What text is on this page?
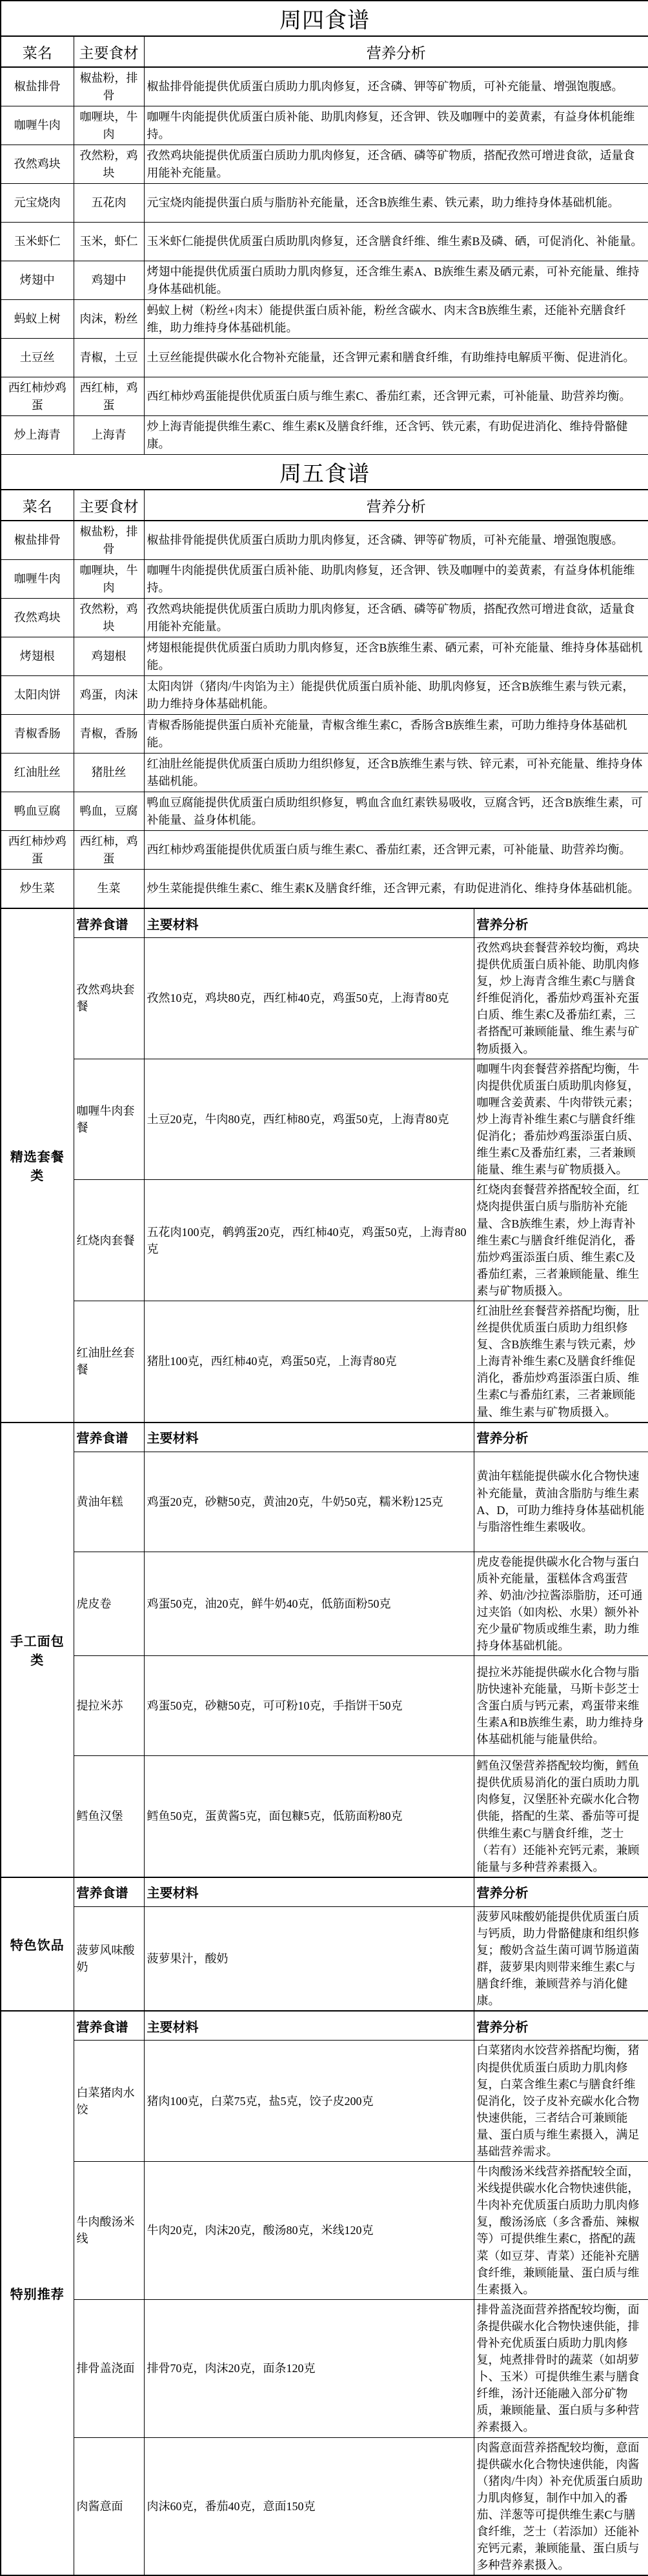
周四食谱		
菜名	主要食材	营养分析
椒盐排骨	椒盐粉，排骨	椒盐排骨能提供优质蛋白质助力肌肉修复，还含磷、钾等矿物质，可补充能量、增强饱腹感。
咖喱牛肉	咖喱块，牛肉	咖喱牛肉能提供优质蛋白质补能、助肌肉修复，还含钾、铁及咖喱中的姜黄素，有益身体机能维持。
孜然鸡块	孜然粉，鸡块	孜然鸡块能提供优质蛋白质助力肌肉修复，还含硒、磷等矿物质，搭配孜然可增进食欲，适量食用能补充能量。
元宝烧肉	五花肉	元宝烧肉能提供蛋白质与脂肪补充能量，还含B族维生素、铁元素，助力维持身体基础机能。
玉米虾仁	玉米，虾仁	玉米虾仁能提供优质蛋白质助肌肉修复，还含膳食纤维、维生素B及磷、硒，可促消化、补能量。
烤翅中	鸡翅中	烤翅中能提供优质蛋白质助力肌肉修复，还含维生素A、B族维生素及硒元素，可补充能量、维持身体基础机能。
蚂蚁上树	肉沫，粉丝	蚂蚁上树（粉丝+肉末）能提供蛋白质补能，粉丝含碳水、肉末含B族维生素，还能补充膳食纤维，助力维持身体基础机能。
土豆丝	青椒，土豆	土豆丝能提供碳水化合物补充能量，还含钾元素和膳食纤维，有助维持电解质平衡、促进消化。
西红柿炒鸡蛋	西红柿，鸡蛋	西红柿炒鸡蛋能提供优质蛋白质与维生素C、番茄红素，还含钾元素，可补能量、助营养均衡。
炒上海青	上海青	炒上海青能提供维生素C、维生素K及膳食纤维，还含钙、铁元素，有助促进消化、维持骨骼健康。
周五食谱		
菜名	主要食材	营养分析
椒盐排骨	椒盐粉，排骨	椒盐排骨能提供优质蛋白质助力肌肉修复，还含磷、钾等矿物质，可补充能量、增强饱腹感。
咖喱牛肉	咖喱块，牛肉	咖喱牛肉能提供优质蛋白质补能、助肌肉修复，还含钾、铁及咖喱中的姜黄素，有益身体机能维持。
孜然鸡块	孜然粉，鸡块	孜然鸡块能提供优质蛋白质助力肌肉修复，还含硒、磷等矿物质，搭配孜然可增进食欲，适量食用能补充能量。
烤翅根	鸡翅根	烤翅根能提供优质蛋白质助力肌肉修复，还含B族维生素、硒元素，可补充能量、维持身体基础机能。
太阳肉饼	鸡蛋，肉沫	太阳肉饼（猪肉/牛肉馅为主）能提供优质蛋白质补能、助肌肉修复，还含B族维生素与铁元素，助力维持身体基础机能。
青椒香肠	青椒，香肠	青椒香肠能提供蛋白质补充能量，青椒含维生素C，香肠含B族维生素，可助力维持身体基础机能。
红油肚丝	猪肚丝	红油肚丝能提供优质蛋白质助力组织修复，还含B族维生素与铁、锌元素，可补充能量、维持身体基础机能。
鸭血豆腐	鸭血，豆腐	鸭血豆腐能提供优质蛋白质助组织修复，鸭血含血红素铁易吸收，豆腐含钙，还含B族维生素，可补能量、益身体机能。
西红柿炒鸡蛋	西红柿，鸡蛋	西红柿炒鸡蛋能提供优质蛋白质与维生素C、番茄红素，还含钾元素，可补能量、助营养均衡。
炒生菜	生菜	炒生菜能提供维生素C、维生素K及膳食纤维，还含钾元素，有助促进消化、维持身体基础机能。
精选套餐类	营养食谱	主要材料	营养分析
	孜然鸡块套餐	孜然10克，鸡块80克，西红柿40克，鸡蛋50克，上海青80克	孜然鸡块套餐营养较均衡，鸡块提供优质蛋白质补能、助肌肉修复，炒上海青含维生素C与膳食纤维促消化，番茄炒鸡蛋补充蛋白质、维生素C及番茄红素，三者搭配可兼顾能量、维生素与矿物质摄入。
	咖喱牛肉套餐	土豆20克，牛肉80克，西红柿80克，鸡蛋50克，上海青80克	咖喱牛肉套餐营养搭配均衡，牛肉提供优质蛋白质助肌肉修复，咖喱含姜黄素、牛肉带铁元素；炒上海青补维生素C与膳食纤维促消化；番茄炒鸡蛋添蛋白质、维生素C及番茄红素，三者兼顾能量、维生素与矿物质摄入。
	红烧肉套餐	五花肉100克，鹌鹑蛋20克，西红柿40克，鸡蛋50克，上海青80克	红烧肉套餐营养搭配较全面，红烧肉提供蛋白质与脂肪补充能量、含B族维生素，炒上海青补维生素C与膳食纤维促消化，番茄炒鸡蛋添蛋白质、维生素C及番茄红素，三者兼顾能量、维生素与矿物质摄入。
	红油肚丝套餐	猪肚100克，西红柿40克，鸡蛋50克，上海青80克	红油肚丝套餐营养搭配均衡，肚丝提供优质蛋白质助力组织修复、含B族维生素与铁元素，炒上海青补维生素C及膳食纤维促消化，番茄炒鸡蛋添蛋白质、维生素C与番茄红素，三者兼顾能量、维生素与矿物质摄入。
手工面包类	营养食谱	主要材料	营养分析
	黄油年糕	鸡蛋20克，砂糖50克，黄油20克，牛奶50克，糯米粉125克	黄油年糕能提供碳水化合物快速补充能量，黄油含脂肪与维生素A、D，可助力维持身体基础机能与脂溶性维生素吸收。
	虎皮卷	鸡蛋50克，油20克，鲜牛奶40克，低筋面粉50克	虎皮卷能提供碳水化合物与蛋白质补充能量，蛋糕体含鸡蛋营养、奶油/沙拉酱添脂肪，还可通过夹馅（如肉松、水果）额外补充少量矿物质或维生素，助力维持身体基础机能。
	提拉米苏	鸡蛋50克，砂糖50克，可可粉10克，手指饼干50克	提拉米苏能提供碳水化合物与脂肪快速补充能量，马斯卡彭芝士含蛋白质与钙元素，鸡蛋带来维生素A和B族维生素，助力维持身体基础机能与能量供给。
	鳕鱼汉堡	鳕鱼50克，蛋黄酱5克，面包糠5克，低筋面粉80克	鳕鱼汉堡营养搭配较均衡，鳕鱼提供优质易消化的蛋白质助力肌肉修复，汉堡胚补充碳水化合物供能，搭配的生菜、番茄等可提供维生素C与膳食纤维，芝士（若有）还能补充钙元素，兼顾能量与多种营养素摄入。
特色饮品	营养食谱	主要材料	营养分析
	菠萝风味酸奶	菠萝果汁，酸奶	菠萝风味酸奶能提供优质蛋白质与钙质，助力骨骼健康和组织修复；酸奶含益生菌可调节肠道菌群，菠萝果肉则带来维生素C与膳食纤维，兼顾营养与消化健康。
特别推荐	营养食谱	主要材料	营养分析
	白菜猪肉水饺	猪肉100克，白菜75克，盐5克，饺子皮200克	白菜猪肉水饺营养搭配均衡，猪肉提供优质蛋白质助力肌肉修复，白菜含维生素C与膳食纤维促消化，饺子皮补充碳水化合物快速供能，三者结合可兼顾能量、蛋白质与维生素摄入，满足基础营养需求。
	牛肉酸汤米线	牛肉20克，肉沫20克，酸汤80克，米线120克	牛肉酸汤米线营养搭配较全面，米线提供碳水化合物快速供能，牛肉补充优质蛋白质助力肌肉修复，酸汤汤底（多含番茄、辣椒等）可提供维生素C，搭配的蔬菜（如豆芽、青菜）还能补充膳食纤维，兼顾能量、蛋白质与维生素摄入。
	排骨盖浇面	排骨70克，肉沫20克，面条120克	排骨盖浇面营养搭配较均衡，面条提供碳水化合物快速供能，排骨补充优质蛋白质助力肌肉修复，炖煮排骨时的蔬菜（如胡萝卜、玉米）可提供维生素与膳食纤维，汤汁还能融入部分矿物质，兼顾能量、蛋白质与多种营养素摄入。
	肉酱意面	肉沫60克，番茄40克，意面150克	肉酱意面营养搭配较均衡，意面提供碳水化合物快速供能，肉酱（猪肉/牛肉）补充优质蛋白质助力肌肉修复，制作中加入的番茄、洋葱等可提供维生素C与膳食纤维，芝士（若添加）还能补充钙元素，兼顾能量、蛋白质与多种营养素摄入。
